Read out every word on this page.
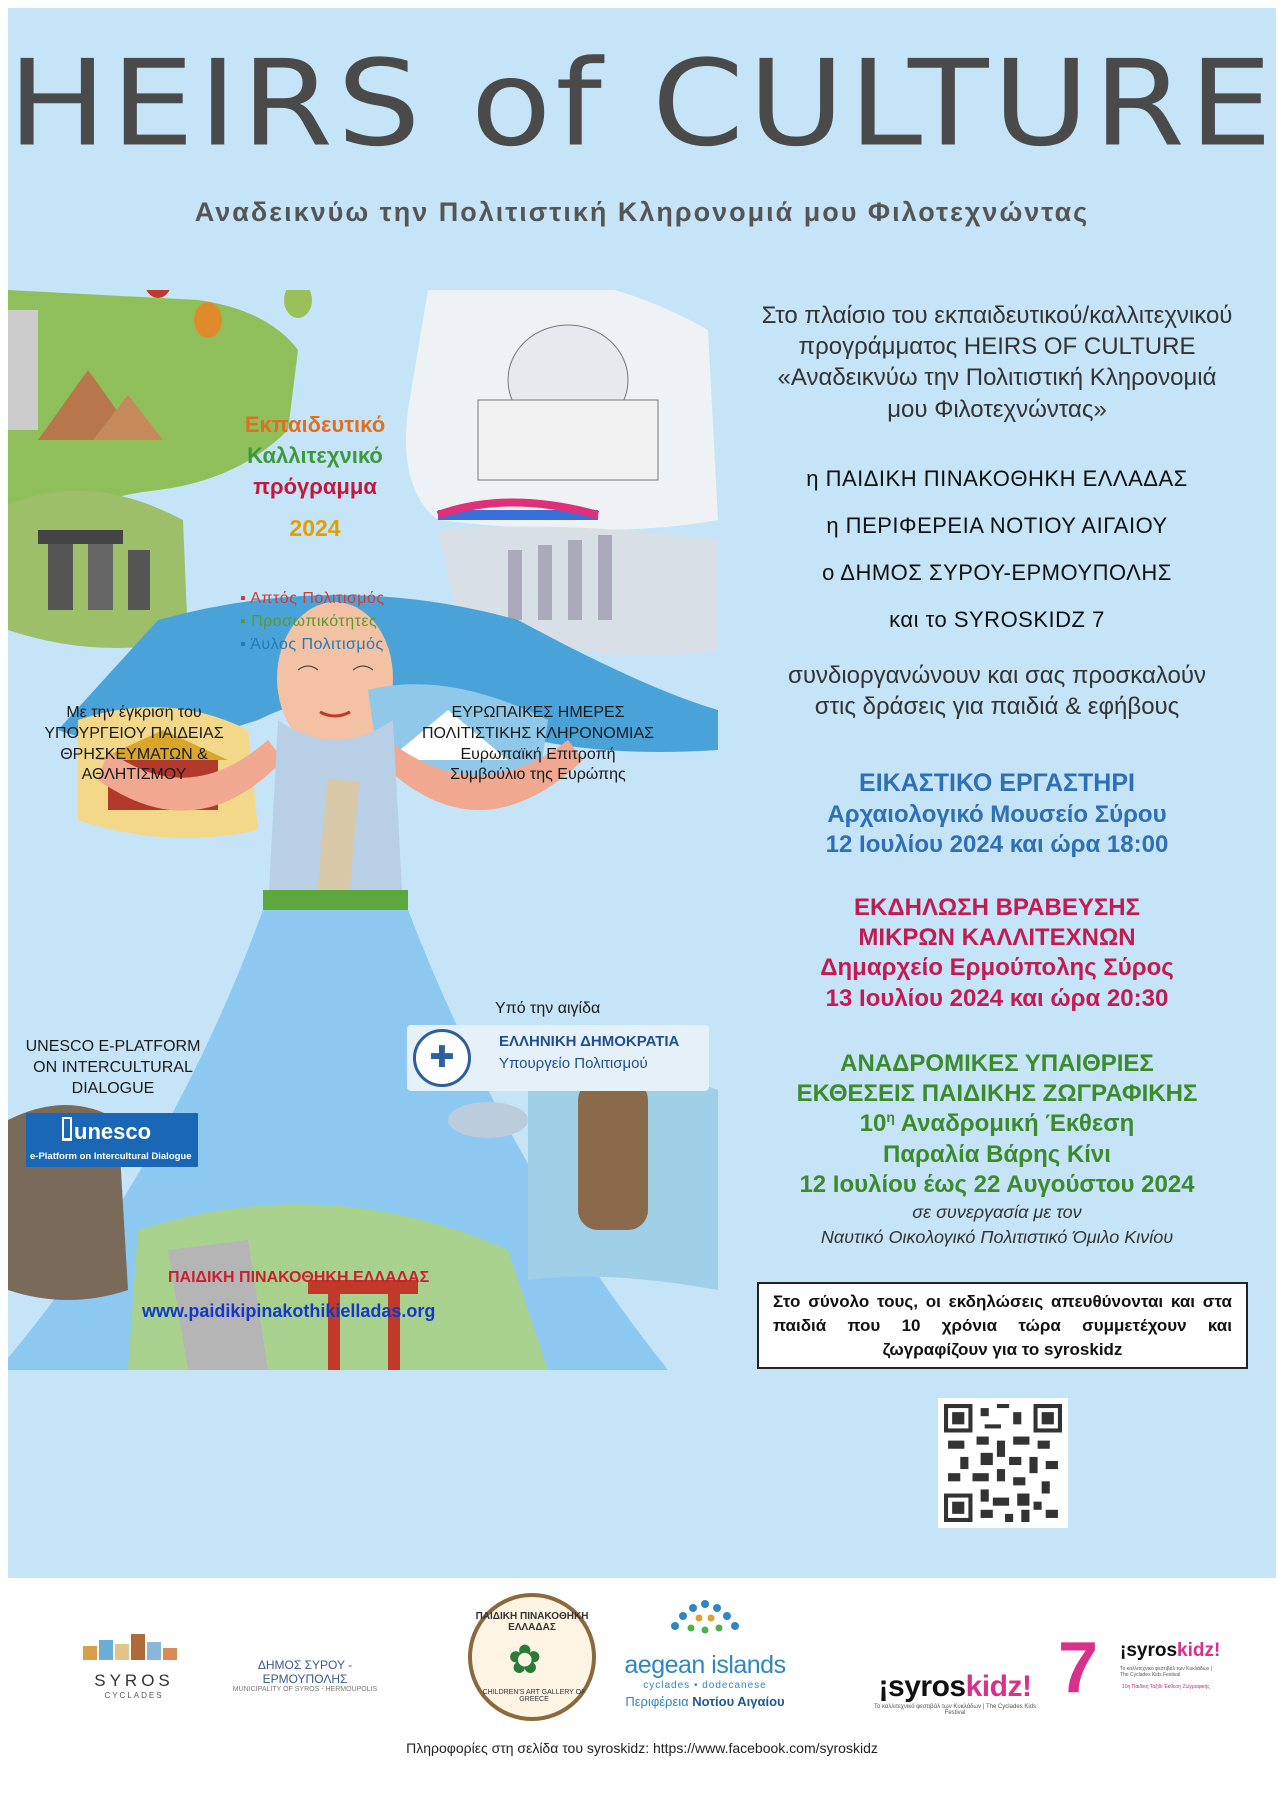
HEIRS of CULTURE
Αναδεικνύω την Πολιτιστική Κληρονομιά μου Φιλοτεχνώντας
Εκπαιδευτικό
Καλλιτεχνικό
πρόγραμμα
2024
▪ Απτός Πολιτισμός
▪ Προσωπικότητες
▪ Άυλος Πολιτισμός
Με την έγκριση του
ΥΠΟΥΡΓΕΙΟΥ ΠΑΙΔΕΙΑΣ
ΘΡΗΣΚΕΥΜΑΤΩΝ &
ΑΘΛΗΤΙΣΜΟΥ
ΕΥΡΩΠΑΙΚΕΣ ΗΜΕΡΕΣ
ΠΟΛΙΤΙΣΤΙΚΗΣ ΚΛΗΡΟΝΟΜΙΑΣ
Ευρωπαϊκή Επιτροπή
Συμβούλιο της Ευρώπης
Υπό την αιγίδα
✚	ΕΛΛΗΝΙΚΗ ΔΗΜΟΚΡΑΤΙΑ
Υπουργείο Πολιτισμού
UNESCO E-PLATFORM
ON INTERCULTURAL
DIALOGUE
unesco
e-Platform on Intercultural Dialogue
ΠΑΙΔΙΚΗ ΠΙΝΑΚΟΘΗΚΗ ΕΛΛΑΔΑΣ
www.paidikipinakothikielladas.org
Στο πλαίσιο του εκπαιδευτικού/καλλιτεχνικού
προγράμματος HEIRS OF CULTURE
«Αναδεικνύω την Πολιτιστική Κληρονομιά
μου Φιλοτεχνώντας»
η ΠΑΙΔΙΚΗ ΠΙΝΑΚΟΘΗΚΗ ΕΛΛΑΔΑΣ
η ΠΕΡΙΦΕΡΕΙΑ ΝΟΤΙΟΥ ΑΙΓΑΙΟΥ
ο ΔΗΜΟΣ ΣΥΡΟΥ-ΕΡΜΟΥΠΟΛΗΣ
και το SYROSKIDZ 7
συνδιοργανώνουν και σας προσκαλούν
στις δράσεις για παιδιά & εφήβους
ΕΙΚΑΣΤΙΚΟ ΕΡΓΑΣΤΗΡΙ
Αρχαιολογικό Μουσείο Σύρου
12 Ιουλίου 2024 και ώρα 18:00
ΕΚΔΗΛΩΣΗ ΒΡΑΒΕΥΣΗΣ
ΜΙΚΡΩΝ ΚΑΛΛΙΤΕΧΝΩΝ
Δημαρχείο Ερμούπολης Σύρος
13 Ιουλίου 2024 και ώρα 20:30
ΑΝΑΔΡΟΜΙΚΕΣ ΥΠΑΙΘΡΙΕΣ
ΕΚΘΕΣΕΙΣ ΠΑΙΔΙΚΗΣ ΖΩΓΡΑΦΙΚΗΣ
$10^\eta$ Αναδρομική Έκθεση
Παραλία Βάρης Κίνι
12 Ιουλίου έως 22 Αυγούστου 2024
σε συνεργασία με τον
Ναυτικό Οικολογικό Πολιτιστικό Όμιλο Κινίου
Στο σύνολο τους, οι εκδηλώσεις απευθύνονται και στα παιδιά που 10 χρόνια τώρα συμμετέχουν και ζωγραφίζουν για το syroskidz
SYROS
CYCLADES
ΔΗΜΟΣ ΣΥΡΟΥ - ΕΡΜΟΥΠΟΛΗΣ
MUNICIPALITY OF SYROS - HERMOUPOLIS
ΠΑΙΔΙΚΗ ΠΙΝΑΚΟΘΗΚΗ ΕΛΛΑΔΑΣ
✿
CHILDREN'S ART GALLERY OF GREECE
aegean islands
cyclades • dodecanese
Περιφέρεια Νοτίου Αιγαίου	¡syroskidz!
Το καλλιτεχνικό φεστιβάλ των Κυκλάδων | The Cyclades Kids Festival
7 ¡syroskidz!
Το καλλιτεχνικό φεστιβάλ των Κυκλάδων | The Cyclades Kids Festival
10η Παιδική Ταξίδι Έκθεση Ζωγραφικής
Πληροφορίες στη σελίδα του syroskidz: https://www.facebook.com/syroskidz
